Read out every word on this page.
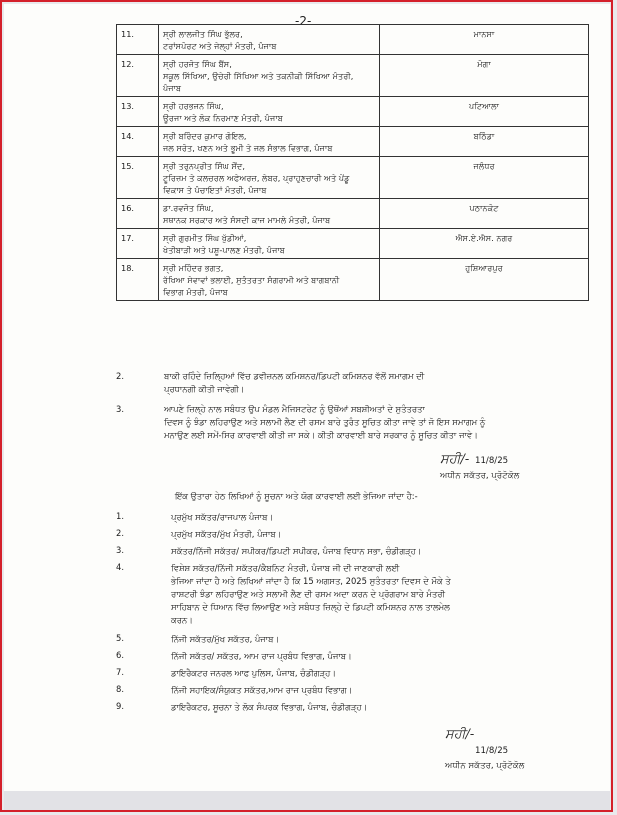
-2-
11.	ਸ੍ਰੀ ਲਾਲਜੀਤ ਸਿੰਘ ਭੁੱਲਰ,
ਟਰਾਂਸਪੋਰਟ ਅਤੇ ਜੇਲ੍ਹਾਂ ਮੰਤਰੀ, ਪੰਜਾਬ	ਮਾਨਸਾ
12.	ਸ੍ਰੀ ਹਰਜੋਤ ਸਿੰਘ ਬੈਂਸ,
ਸਕੂਲ ਸਿੱਖਿਆ, ਉਚੇਰੀ ਸਿੱਖਿਆ ਅਤੇ ਤਕਨੀਕੀ ਸਿੱਖਿਆ ਮੰਤਰੀ,
ਪੰਜਾਬ	ਮੋਗਾ
13.	ਸ੍ਰੀ ਹਰਭਜਨ ਸਿੰਘ,
ਊਰਜਾ ਅਤੇ ਲੋਕ ਨਿਰਮਾਣ ਮੰਤਰੀ, ਪੰਜਾਬ	ਪਟਿਆਲਾ
14.	ਸ੍ਰੀ ਬਰਿੰਦਰ ਕੁਮਾਰ ਗੋਇਲ,
ਜਲ ਸਰੋਤ, ਖਣਨ ਅਤੇ ਭੂਮੀ ਤੇ ਜਲ ਸੰਭਾਲ ਵਿਭਾਗ, ਪੰਜਾਬ	ਬਠਿੰਡਾ
15.	ਸ੍ਰੀ ਤਰੁਨਪ੍ਰੀਤ ਸਿੰਘ ਸੌਂਦ,
ਟੂਰਿਜ਼ਮ ਤੇ ਕਲਚਰਲ ਅਫੇਅਰਜ਼, ਲੇਬਰ, ਪ੍ਰਾਹੁਣਚਾਰੀ ਅਤੇ ਪੇਂਡੂ
ਵਿਕਾਸ ਤੇ ਪੰਚਾਇਤਾਂ ਮੰਤਰੀ, ਪੰਜਾਬ	ਜਲੰਧਰ
16.	ਡਾ.ਰਵਜੋਤ ਸਿੰਘ,
ਸਥਾਨਕ ਸਰਕਾਰ ਅਤੇ ਸੰਸਦੀ ਕਾਜ ਮਾਮਲੇ ਮੰਤਰੀ, ਪੰਜਾਬ	ਪਠਾਨਕੋਟ
17.	ਸ੍ਰੀ ਗੁਰਮੀਤ ਸਿੰਘ ਖੁੱਡੀਆਂ,
ਖੇਤੀਬਾੜੀ ਅਤੇ ਪਸ਼ੂ-ਪਾਲਣ ਮੰਤਰੀ, ਪੰਜਾਬ	ਐਸ.ਏ.ਐਸ. ਨਗਰ
18.	ਸ੍ਰੀ ਮਹਿੰਦਰ ਭਗਤ,
ਰੱਖਿਆ ਸੇਵਾਵਾਂ ਭਲਾਈ, ਸੁਤੰਤਰਤਾ ਸੰਗਰਾਮੀ ਅਤੇ ਬਾਗਬਾਨੀ
ਵਿਭਾਗ ਮੰਤਰੀ, ਪੰਜਾਬ	ਹੁਸ਼ਿਆਰਪੁਰ
2.	ਬਾਕੀ ਰਹਿੰਦੇ ਜ਼ਿਲ੍ਹਿਆਂ ਵਿੱਚ ਡਵੀਜ਼ਨਲ ਕਮਿਸ਼ਨਰ/ਡਿਪਟੀ ਕਮਿਸ਼ਨਰ ਵੱਲੋਂ ਸਮਾਗਮ ਦੀ
ਪ੍ਰਧਾਨਗੀ ਕੀਤੀ ਜਾਵੇਗੀ।
3.	ਆਪਣੇ ਜ਼ਿਲ੍ਹੇ ਨਾਲ ਸਬੰਧਤ ਉਪ ਮੰਡਲ ਮੈਜਿਸਟਰੇਟ ਨੂੰ ਉਥੋਂਆਂ ਸਬਸ਼ੀਅਤਾਂ ਦੇ ਸੁਤੰਤਰਤਾ
ਦਿਵਸ ਨੂੰ ਝੰਡਾ ਲਹਿਰਾਉਣ ਅਤੇ ਸਲਾਮੀ ਲੈਣ ਦੀ ਰਸਮ ਬਾਰੇ ਤੁਰੰਤ ਸੂਚਿਤ ਕੀਤਾ ਜਾਵੇ ਤਾਂ ਜੋ ਇਸ ਸਮਾਗਮ ਨੂੰ
ਮਨਾਉਣ ਲਈ ਸਮੇਂ-ਸਿਰ ਕਾਰਵਾਈ ਕੀਤੀ ਜਾ ਸਕੇ। ਕੀਤੀ ਕਾਰਵਾਈ ਬਾਰੇ ਸਰਕਾਰ ਨੂੰ ਸੂਚਿਤ ਕੀਤਾ ਜਾਵੇ।
ਸਹੀ/- 11/8/25
ਅਧੀਨ ਸਕੱਤਰ, ਪ੍ਰੋਟੋਕੋਲ
ਇੱਕ ਉਤਾਰਾ ਹੇਠ ਲਿਖਿਆਂ ਨੂੰ ਸੂਚਨਾ ਅਤੇ ਯੋਗ ਕਾਰਵਾਈ ਲਈ ਭੇਜਿਆ ਜਾਂਦਾ ਹੈ:-
1.	ਪ੍ਰਮੁੱਖ ਸਕੱਤਰ/ਰਾਜਪਾਲ ਪੰਜਾਬ।
2.	ਪ੍ਰਮੁੱਖ ਸਕੱਤਰ/ਮੁੱਖ ਮੰਤਰੀ, ਪੰਜਾਬ।
3.	ਸਕੱਤਰ/ਨਿੱਜੀ ਸਕੱਤਰ/ ਸਪੀਕਰ/ਡਿਪਟੀ ਸਪੀਕਰ, ਪੰਜਾਬ ਵਿਧਾਨ ਸਭਾ, ਚੰਡੀਗੜ੍ਹ।
4.	ਵਿਸ਼ੇਸ਼ ਸਕੱਤਰ/ਨਿੱਜੀ ਸਕੱਤਰ/ਕੈਬਨਿਟ ਮੰਤਰੀ, ਪੰਜਾਬ ਜੀ ਦੀ ਜਾਣਕਾਰੀ ਲਈ
ਭੇਜਿਆ ਜਾਂਦਾ ਹੈ ਅਤੇ ਲਿਖਿਆਂ ਜਾਂਦਾ ਹੈ ਕਿ 15 ਅਗਸਤ, 2025 ਸੁਤੰਤਰਤਾ ਦਿਵਸ ਦੇ ਮੌਕੇ ਤੇ
ਰਾਸ਼ਟਰੀ ਝੰਡਾ ਲਹਿਰਾਉਣ ਅਤੇ ਸਲਾਮੀ ਲੈਣ ਦੀ ਰਸਮ ਅਦਾ ਕਰਨ ਦੇ ਪ੍ਰੋਗਰਾਮ ਬਾਰੇ ਮੰਤਰੀ
ਸਾਹਿਬਾਨ ਦੇ ਧਿਆਨ ਵਿੱਚ ਲਿਆਉਣ ਅਤੇ ਸਬੰਧਤ ਜ਼ਿਲ੍ਹੇ ਦੇ ਡਿਪਟੀ ਕਮਿਸ਼ਨਰ ਨਾਲ ਤਾਲਮੇਲ
ਕਰਨ।
5.	ਨਿੱਜੀ ਸਕੱਤਰ/ਮੁੱਖ ਸਕੱਤਰ, ਪੰਜਾਬ।
6.	ਨਿੱਜੀ ਸਕੱਤਰ/ ਸਕੱਤਰ, ਆਮ ਰਾਜ ਪ੍ਰਬੰਧ ਵਿਭਾਗ, ਪੰਜਾਬ।
7.	ਡਾਇਰੈਕਟਰ ਜਨਰਲ ਆਫ ਪੁਲਿਸ, ਪੰਜਾਬ, ਚੰਡੀਗੜ੍ਹ।
8.	ਨਿੱਜੀ ਸਹਾਇਕ/ਸੰਯੁਕਤ ਸਕੱਤਰ,ਆਮ ਰਾਜ ਪ੍ਰਬੰਧ ਵਿਭਾਗ।
9.	ਡਾਇਰੈਕਟਰ, ਸੂਚਨਾ ਤੇ ਲੋਕ ਸੰਪਰਕ ਵਿਭਾਗ, ਪੰਜਾਬ, ਚੰਡੀਗੜ੍ਹ।
ਸਹੀ/-
11/8/25
ਅਧੀਨ ਸਕੱਤਰ, ਪ੍ਰੋਟੋਕੋਲ
